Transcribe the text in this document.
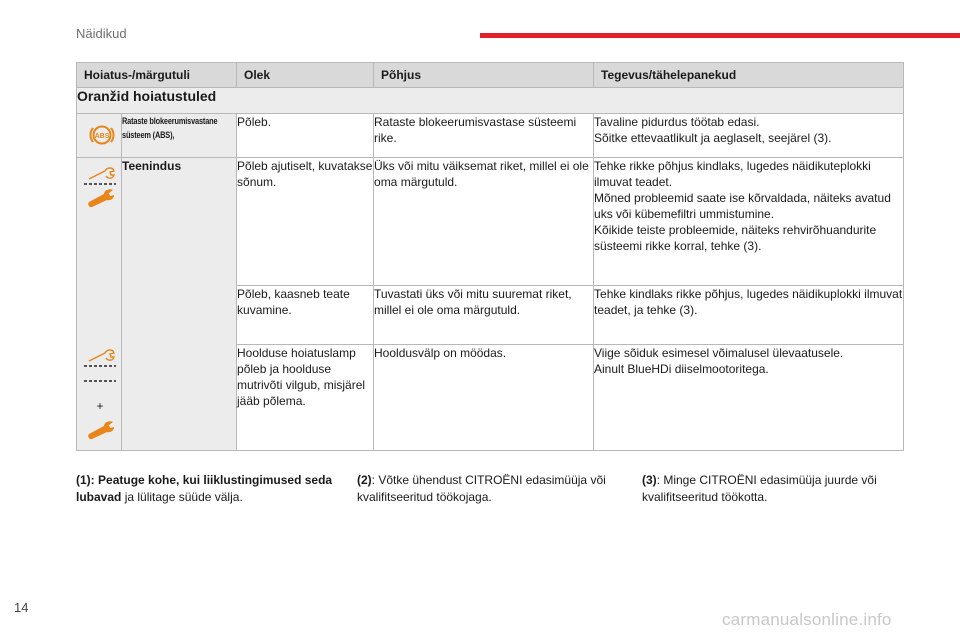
Näidikud
Hoiatus-/märgutuli		Olek	Põhjus	Tegevus/tähelepanekud
Oranžid hoiatustuled				

ABS	Rataste blokeerumisvastane süsteem (ABS),	Põleb.	Rataste blokeerumisvastase süsteemi rike.	Tavaline pidurdus töötab edasi.
Sõitke ettevaatlikult ja aeglaselt, seejärel (3).

+	Teenindus	Põleb ajutiselt, kuvatakse sõnum.	Üks või mitu väiksemat riket, millel ei ole oma märgutuld.	Tehke rikke põhjus kindlaks, lugedes näidikuteplokki ilmuvat teadet.
Mõned probleemid saate ise kõrvaldada, näiteks avatud uks või kübemefiltri ummistumine.
Kõikide teiste probleemide, näiteks rehvirõhuandurite süsteemi rikke korral, tehke (3).

		Põleb, kaasneb teate kuvamine.	Tuvastati üks või mitu suuremat riket, millel ei ole oma märgutuld.	Tehke kindlaks rikke põhjus, lugedes näidikuplokki ilmuvat teadet, ja tehke (3).

		Hoolduse hoiatuslamp põleb ja hoolduse mutrivõti vilgub, misjärel jääb põlema.	Hooldusvälp on möödas.	Viige sõiduk esimesel võimalusel ülevaatusele.
Ainult BlueHDi diiselmootoritega.
(1): Peatuge kohe, kui liiklustingimused seda lubavad ja lülitage süüde välja.
(2): Võtke ühendust CITROËNI edasimüüja või kvalifitseeritud töökojaga.
(3): Minge CITROËNI edasimüüja juurde või kvalifitseeritud töökotta.
14
carmanualsonline.info
